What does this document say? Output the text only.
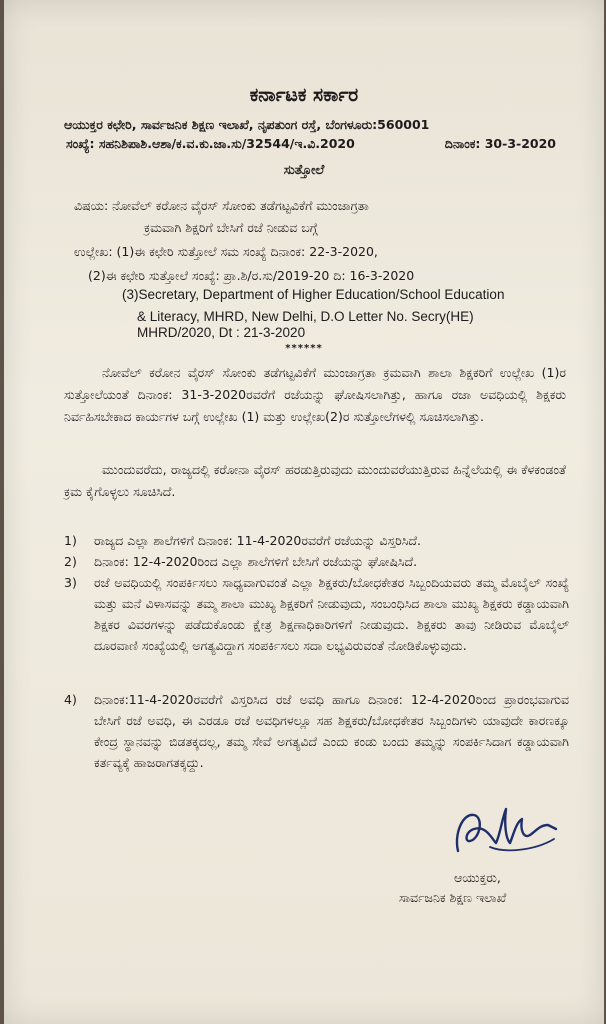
ಕರ್ನಾಟಕ ಸರ್ಕಾರ

ಆಯುಕ್ತರ ಕಛೇರಿ, ಸಾರ್ವಜನಿಕ ಶಿಕ್ಷಣ ಇಲಾಖೆ, ನೃಪತುಂಗ ರಸ್ತೆ, ಬೆಂಗಳೂರು:560001

ಸಂಖ್ಯೆ: ಸಹನಿಶಿಪಾಶಿ.ಆಶಾ/ಕ.ವ.ಕು.ಜಾ.ಸು/32544/ಇ.ವಿ.2020	ದಿನಾಂಕ: 30-3-2020

ಸುತ್ತೋಲೆ

ವಿಷಯ: ನೋವೆಲ್ ಕರೋನ ವೈರಸ್ ಸೋಂಕು ತಡೆಗಟ್ಟವಿಕೆಗೆ ಮುಂಜಾಗ್ರತಾ

ಕ್ರಮವಾಗಿ ಶಿಕ್ಷರಿಗೆ ಬೇಸಿಗೆ ರಜೆ ನೀಡುವ ಬಗ್ಗೆ

ಉಲ್ಲೇಖ: (1)ಈ ಕಛೇರಿ ಸುತ್ತೋಲೆ ಸಮ ಸಂಖ್ಯೆ ದಿನಾಂಕ: 22-3-2020,

(2)ಈ ಕಛೇರಿ ಸುತ್ತೋಲೆ ಸಂಖ್ಯೆ: ಪ್ರಾ.ಶಿ/ರ.ಸು/2019-20 ದಿ: 16-3-2020

(3)Secretary, Department of Higher Education/School Education

& Literacy, MHRD, New Delhi, D.O Letter No. Secry(HE)

MHRD/2020, Dt : 21-3-2020

******

ನೋವೆಲ್ ಕರೋನ ವೈರಸ್ ಸೋಂಕು ತಡೆಗಟ್ಟವಿಕೆಗೆ ಮುಂಜಾಗ್ರತಾ ಕ್ರಮವಾಗಿ ಶಾಲಾ ಶಿಕ್ಷಕರಿಗೆ ಉಲ್ಲೇಖ (1)ರ ಸುತ್ತೋಲೆಯಂತೆ ದಿನಾಂಕ: 31-3-2020ರವರೆಗೆ ರಜೆಯನ್ನು ಘೋಷಿಸಲಾಗಿತ್ತು, ಹಾಗೂ ರಜಾ ಅವಧಿಯಲ್ಲಿ ಶಿಕ್ಷಕರು ನಿರ್ವಹಿಸಬೇಕಾದ ಕಾರ್ಯಗಳ ಬಗ್ಗೆ ಉಲ್ಲೇಖ (1) ಮತ್ತು ಉಲ್ಲೇಖ(2)ರ ಸುತ್ತೋಲೆಗಳಲ್ಲಿ ಸೂಚಿಸಲಾಗಿತ್ತು.

ಮುಂದುವರೆದು, ರಾಜ್ಯದಲ್ಲಿ ಕರೋನಾ ವೈರಸ್ ಹರಡುತ್ತಿರುವುದು ಮುಂದುವರೆಯುತ್ತಿರುವ ಹಿನ್ನೆಲೆಯಲ್ಲಿ ಈ ಕೆಳಕಂಡಂತೆ ಕ್ರಮ ಕೈಗೊಳ್ಳಲು ಸೂಚಿಸಿದೆ.

1) ರಾಜ್ಯದ ಎಲ್ಲಾ ಶಾಲೆಗಳಿಗೆ ದಿನಾಂಕ: 11-4-2020ರವರೆಗೆ ರಜೆಯನ್ನು ವಿಸ್ತರಿಸಿದೆ.
2) ದಿನಾಂಕ: 12-4-2020ರಿಂದ ಎಲ್ಲಾ ಶಾಲೆಗಳಿಗೆ ಬೇಸಿಗೆ ರಜೆಯನ್ನು ಘೋಷಿಸಿದೆ.
3) ರಜೆ ಅವಧಿಯಲ್ಲಿ ಸಂಪರ್ಕಿಸಲು ಸಾಧ್ಯವಾಗುವಂತೆ ಎಲ್ಲಾ ಶಿಕ್ಷಕರು/ಬೋಧಕೇತರ ಸಿಬ್ಬಂದಿಯವರು ತಮ್ಮ ಮೊಬೈಲ್ ಸಂಖ್ಯೆ ಮತ್ತು ಮನೆ ವಿಳಾಸವನ್ನು ತಮ್ಮ ಶಾಲಾ ಮುಖ್ಯ ಶಿಕ್ಷಕರಿಗೆ ನೀಡುವುದು, ಸಂಬಂಧಿಸಿದ ಶಾಲಾ ಮುಖ್ಯ ಶಿಕ್ಷಕರು ಕಡ್ಡಾಯವಾಗಿ ಶಿಕ್ಷಕರ ವಿವರಗಳನ್ನು ಪಡೆದುಕೊಂಡು ಕ್ಷೇತ್ರ ಶಿಕ್ಷಣಾಧಿಕಾರಿಗಳಿಗೆ ನೀಡುವುದು. ಶಿಕ್ಷಕರು ತಾವು ನೀಡಿರುವ ಮೊಬೈಲ್ ದೂರವಾಣಿ ಸಂಖ್ಯೆಯಲ್ಲಿ ಅಗತ್ಯವಿದ್ದಾಗ ಸಂಪರ್ಕಿಸಲು ಸದಾ ಲಭ್ಯವಿರುವಂತೆ ನೋಡಿಕೊಳ್ಳುವುದು.
4) ದಿನಾಂಕ:11-4-2020ರವರೆಗೆ ವಿಸ್ತರಿಸಿದ ರಜೆ ಅವಧಿ ಹಾಗೂ ದಿನಾಂಕ: 12-4-2020ರಿಂದ ಪ್ರಾರಂಭವಾಗುವ ಬೇಸಿಗೆ ರಜೆ ಅವಧಿ, ಈ ಎರಡೂ ರಜೆ ಅವಧಿಗಳಲ್ಲೂ ಸಹ ಶಿಕ್ಷಕರು/ಬೋಧಕೇತರ ಸಿಬ್ಬಂದಿಗಳು ಯಾವುದೇ ಕಾರಣಕ್ಕೂ ಕೇಂದ್ರ ಸ್ಥಾನವನ್ನು ಬಿಡತಕ್ಕದಲ್ಲ, ತಮ್ಮ ಸೇವೆ ಅಗತ್ಯವಿದೆ ಎಂದು ಕಂಡು ಬಂದು ತಮ್ಮನ್ನು ಸಂಪರ್ಕಿಸಿದಾಗ ಕಡ್ಡಾಯವಾಗಿ ಕರ್ತವ್ಯಕ್ಕೆ ಹಾಜರಾಗತಕ್ಕದ್ದು.

ಆಯುಕ್ತರು,

ಸಾರ್ವಜನಿಕ ಶಿಕ್ಷಣ ಇಲಾಖೆ
